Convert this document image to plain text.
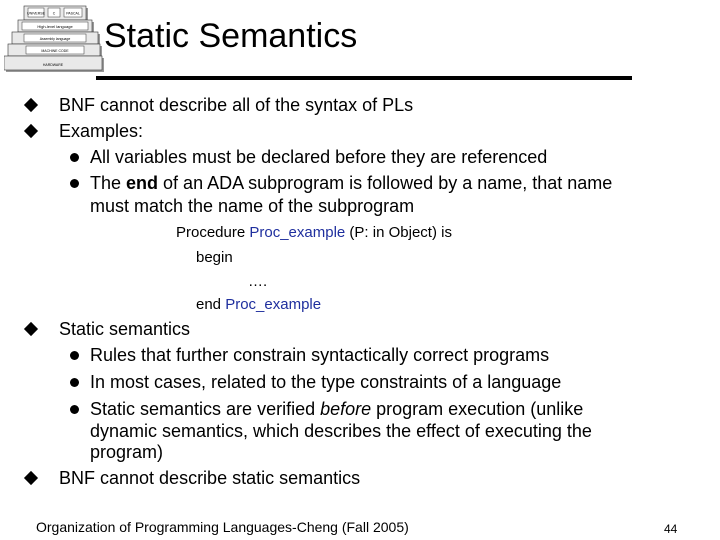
UNIVERSE C	PASCAL
High-level language
Assembly language
MACHINE CODE
HARDWARE
Static Semantics
BNF cannot describe all of the syntax of PLs
Examples:
All variables must be declared before they are referenced
The end of an ADA subprogram is followed by a name, that name
must match the name of the subprogram
Procedure Proc_example (P: in Object) is
begin
….
end Proc_example
Static semantics
Rules that further constrain syntactically correct programs
In most cases, related to the type constraints of a language
Static semantics are verified before program execution (unlike
dynamic semantics, which describes the effect of executing the
program)
BNF cannot describe static semantics
Organization of Programming Languages-Cheng (Fall 2005)	44
